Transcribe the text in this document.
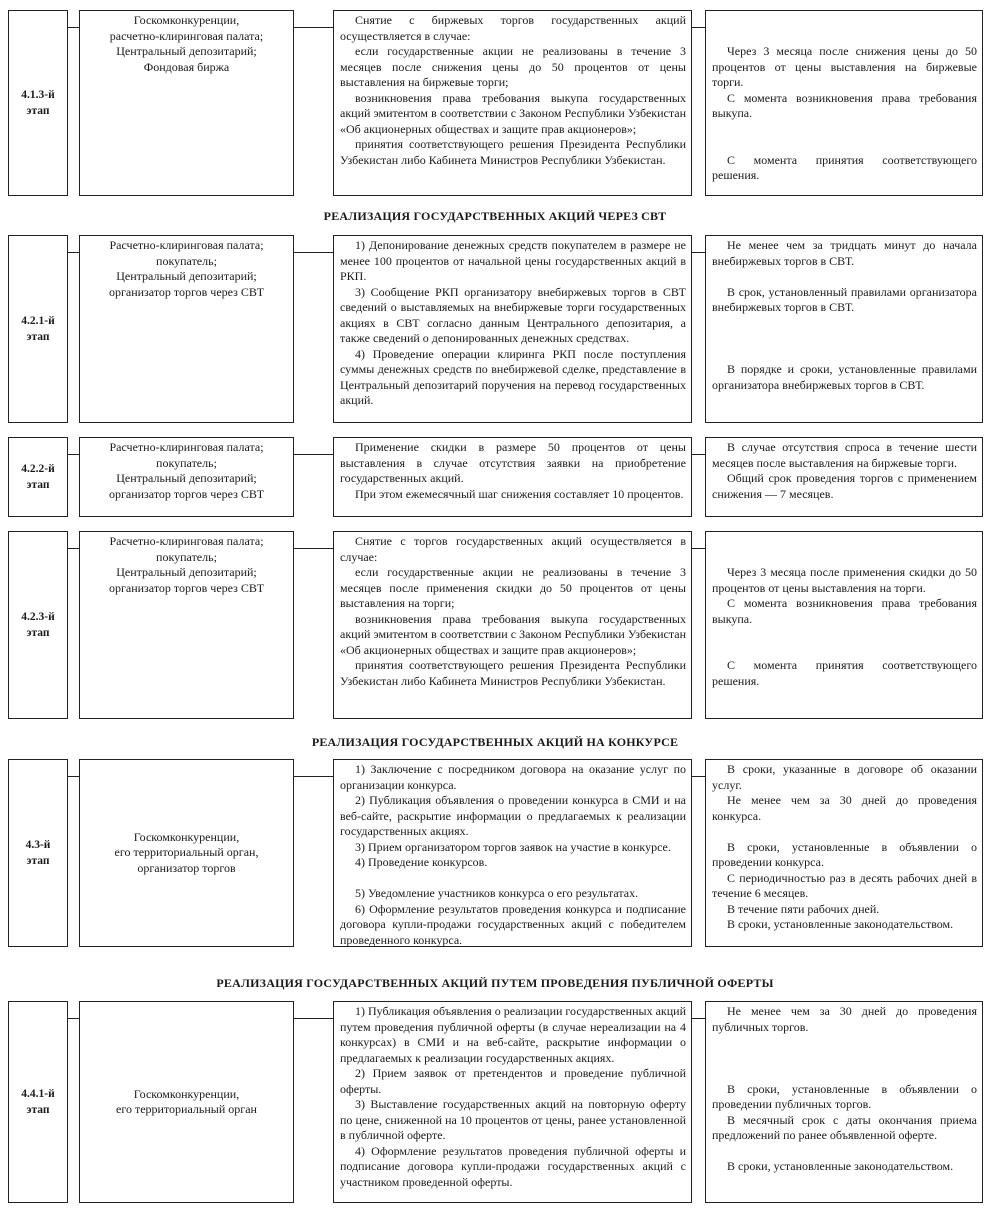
4.1.3-й
этап
Госкомконкуренции,
расчетно-клиринговая палата;
Центральный депозитарий;
Фондовая биржа

Снятие с биржевых торгов государственных акций осуществляется в случае:

если государственные акции не реализованы в течение 3 месяцев после снижения цены до 50 процентов от цены выставления на биржевые торги;

возникновения права требования выкупа государственных акций эмитентом в соответствии с Законом Республики Узбекистан «Об акционерных обществах и защите прав акционеров»;

принятия соответствующего решения Президента Республики Узбекистан либо Кабинета Министров Республики Узбекистан.

Через 3 месяца после снижения цены до 50 процентов от цены выставления на биржевые торги.

С момента возникновения права требования выкупа.

С момента принятия соответствующего решения.

РЕАЛИЗАЦИЯ ГОСУДАРСТВЕННЫХ АКЦИЙ ЧЕРЕЗ СВТ
4.2.1-й
этап
Расчетно-клиринговая палата;
покупатель;
Центральный депозитарий;
организатор торгов через СВТ

1) Депонирование денежных средств покупателем в размере не менее 100 процентов от начальной цены государственных акций в РКП.

3) Сообщение РКП организатору внебиржевых торгов в СВТ сведений о выставляемых на внебиржевые торги государственных акциях в СВТ согласно данным Центрального депозитария, а также сведений о депонированных денежных средствах.

4) Проведение операции клиринга РКП после поступления суммы денежных средств по внебиржевой сделке, представление в Центральный депозитарий поручения на перевод государственных акций.

Не менее чем за тридцать минут до начала внебиржевых торгов в СВТ.

В срок, установленный правилами организатора внебиржевых торгов в СВТ.

В порядке и сроки, установленные правилами организатора внебиржевых торгов в СВТ.

4.2.2-й
этап
Расчетно-клиринговая палата;
покупатель;
Центральный депозитарий;
организатор торгов через СВТ

Применение скидки в размере 50 процентов от цены выставления в случае отсутствия заявки на приобретение государственных акций.

При этом ежемесячный шаг снижения составляет 10 процентов.

В случае отсутствия спроса в течение шести месяцев после выставления на биржевые торги.

Общий срок проведения торгов с применением снижения — 7 месяцев.

4.2.3-й
этап
Расчетно-клиринговая палата;
покупатель;
Центральный депозитарий;
организатор торгов через СВТ

Снятие с торгов государственных акций осуществляется в случае:

если государственные акции не реализованы в течение 3 месяцев после применения скидки до 50 процентов от цены выставления на торги;

возникновения права требования выкупа государственных акций эмитентом в соответствии с Законом Республики Узбекистан «Об акционерных обществах и защите прав акционеров»;

принятия соответствующего решения Президента Республики Узбекистан либо Кабинета Министров Республики Узбекистан.

Через 3 месяца после применения скидки до 50 процентов от цены выставления на торги.

С момента возникновения права требования выкупа.

С момента принятия соответствующего решения.

РЕАЛИЗАЦИЯ ГОСУДАРСТВЕННЫХ АКЦИЙ НА КОНКУРСЕ
4.3-й
этап
Госкомконкуренции,
его территориальный орган,
организатор торгов

1) Заключение с посредником договора на оказание услуг по организации конкурса.

2) Публикация объявления о проведении конкурса в СМИ и на веб-сайте, раскрытие информации о предлагаемых к реализации государственных акциях.

3) Прием организатором торгов заявок на участие в конкурсе.

4) Проведение конкурсов.

5) Уведомление участников конкурса о его результатах.

6) Оформление результатов проведения конкурса и подписание договора купли-продажи государственных акций с победителем проведенного конкурса.

В сроки, указанные в договоре об оказании услуг.

Не менее чем за 30 дней до проведения конкурса.

В сроки, установленные в объявлении о проведении конкурса.

С периодичностью раз в десять рабочих дней в течение 6 месяцев.

В течение пяти рабочих дней.

В сроки, установленные законодательством.

РЕАЛИЗАЦИЯ ГОСУДАРСТВЕННЫХ АКЦИЙ ПУТЕМ ПРОВЕДЕНИЯ ПУБЛИЧНОЙ ОФЕРТЫ
4.4.1-й
этап
Госкомконкуренции,
его территориальный орган

1) Публикация объявления о реализации государственных акций путем проведения публичной оферты (в случае нереализации на 4 конкурсах) в СМИ и на веб-сайте, раскрытие информации о предлагаемых к реализации государственных акциях.

2) Прием заявок от претендентов и проведение публичной оферты.

3) Выставление государственных акций на повторную оферту по цене, сниженной на 10 процентов от цены, ранее установленной в публичной оферте.

4) Оформление результатов проведения публичной оферты и подписание договора купли-продажи государственных акций с участником проведенной оферты.

Не менее чем за 30 дней до проведения публичных торгов.

В сроки, установленные в объявлении о проведении публичных торгов.

В месячный срок с даты окончания приема предложений по ранее объявленной оферте.

В сроки, установленные законодательством.
